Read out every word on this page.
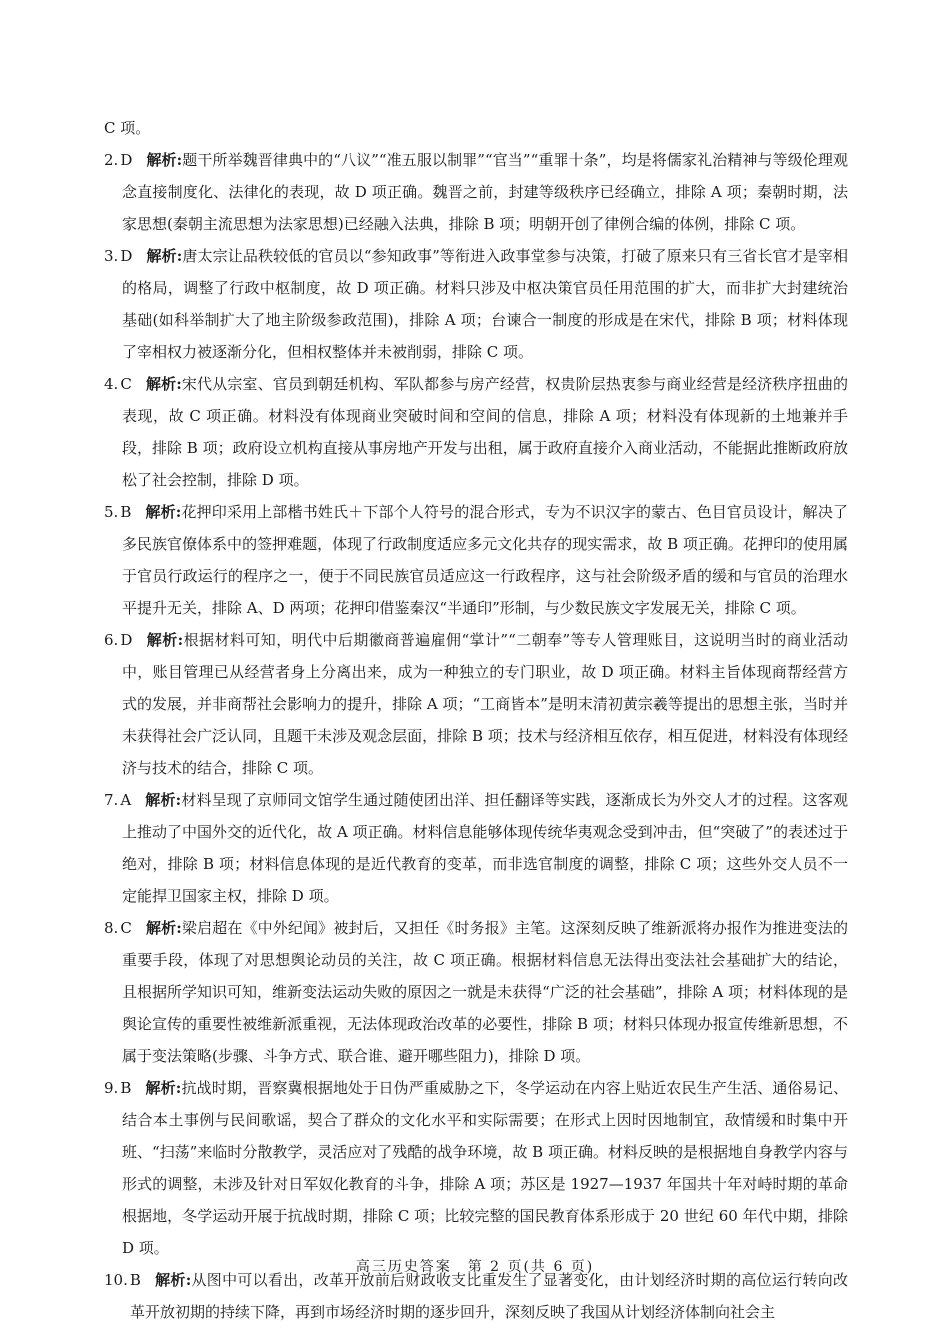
C 项。

2. D 解析:题干所举魏晋律典中的“八议”“准五服以制罪”“官当”“重罪十条”，均是将儒家礼治精神与等级伦理观念直接制度化、法律化的表现，故 D 项正确。魏晋之前，封建等级秩序已经确立，排除 A 项；秦朝时期，法家思想(秦朝主流思想为法家思想)已经融入法典，排除 B 项；明朝开创了律例合编的体例，排除 C 项。

3. D 解析:唐太宗让品秩较低的官员以“参知政事”等衔进入政事堂参与决策，打破了原来只有三省长官才是宰相的格局，调整了行政中枢制度，故 D 项正确。材料只涉及中枢决策官员任用范围的扩大，而非扩大封建统治基础(如科举制扩大了地主阶级参政范围)，排除 A 项；台谏合一制度的形成是在宋代，排除 B 项；材料体现了宰相权力被逐渐分化，但相权整体并未被削弱，排除 C 项。

4. C 解析:宋代从宗室、官员到朝廷机构、军队都参与房产经营，权贵阶层热衷参与商业经营是经济秩序扭曲的表现，故 C 项正确。材料没有体现商业突破时间和空间的信息，排除 A 项；材料没有体现新的土地兼并手段，排除 B 项；政府设立机构直接从事房地产开发与出租，属于政府直接介入商业活动，不能据此推断政府放松了社会控制，排除 D 项。

5. B 解析:花押印采用上部楷书姓氏＋下部个人符号的混合形式，专为不识汉字的蒙古、色目官员设计，解决了多民族官僚体系中的签押难题，体现了行政制度适应多元文化共存的现实需求，故 B 项正确。花押印的使用属于官员行政运行的程序之一，便于不同民族官员适应这一行政程序，这与社会阶级矛盾的缓和与官员的治理水平提升无关，排除 A、D 两项；花押印借鉴秦汉“半通印”形制，与少数民族文字发展无关，排除 C 项。

6. D 解析:根据材料可知，明代中后期徽商普遍雇佣“掌计”“二朝奉”等专人管理账目，这说明当时的商业活动中，账目管理已从经营者身上分离出来，成为一种独立的专门职业，故 D 项正确。材料主旨体现商帮经营方式的发展，并非商帮社会影响力的提升，排除 A 项；“工商皆本”是明末清初黄宗羲等提出的思想主张，当时并未获得社会广泛认同，且题干未涉及观念层面，排除 B 项；技术与经济相互依存，相互促进，材料没有体现经济与技术的结合，排除 C 项。

7. A 解析:材料呈现了京师同文馆学生通过随使团出洋、担任翻译等实践，逐渐成长为外交人才的过程。这客观上推动了中国外交的近代化，故 A 项正确。材料信息能够体现传统华夷观念受到冲击，但“突破了”的表述过于绝对，排除 B 项；材料信息体现的是近代教育的变革，而非选官制度的调整，排除 C 项；这些外交人员不一定能捍卫国家主权，排除 D 项。

8. C 解析:梁启超在《中外纪闻》被封后，又担任《时务报》主笔。这深刻反映了维新派将办报作为推进变法的重要手段，体现了对思想舆论动员的关注，故 C 项正确。根据材料信息无法得出变法社会基础扩大的结论，且根据所学知识可知，维新变法运动失败的原因之一就是未获得“广泛的社会基础”，排除 A 项；材料体现的是舆论宣传的重要性被维新派重视，无法体现政治改革的必要性，排除 B 项；材料只体现办报宣传维新思想，不属于变法策略(步骤、斗争方式、联合谁、避开哪些阻力)，排除 D 项。

9. B 解析:抗战时期，晋察冀根据地处于日伪严重威胁之下，冬学运动在内容上贴近农民生产生活、通俗易记、结合本土事例与民间歌谣，契合了群众的文化水平和实际需要；在形式上因时因地制宜，敌情缓和时集中开班、“扫荡”来临时分散教学，灵活应对了残酷的战争环境，故 B 项正确。材料反映的是根据地自身教学内容与形式的调整，未涉及针对日军奴化教育的斗争，排除 A 项；苏区是 1927—1937 年国共十年对峙时期的革命根据地，冬学运动开展于抗战时期，排除 C 项；比较完整的国民教育体系形成于 20 世纪 60 年代中期，排除 D 项。

10. B 解析:从图中可以看出，改革开放前后财政收支比重发生了显著变化，由计划经济时期的高位运行转向改革开放初期的持续下降，再到市场经济时期的逐步回升，深刻反映了我国从计划经济体制向社会主

高三历史答案　第 2 页(共 6 页)
